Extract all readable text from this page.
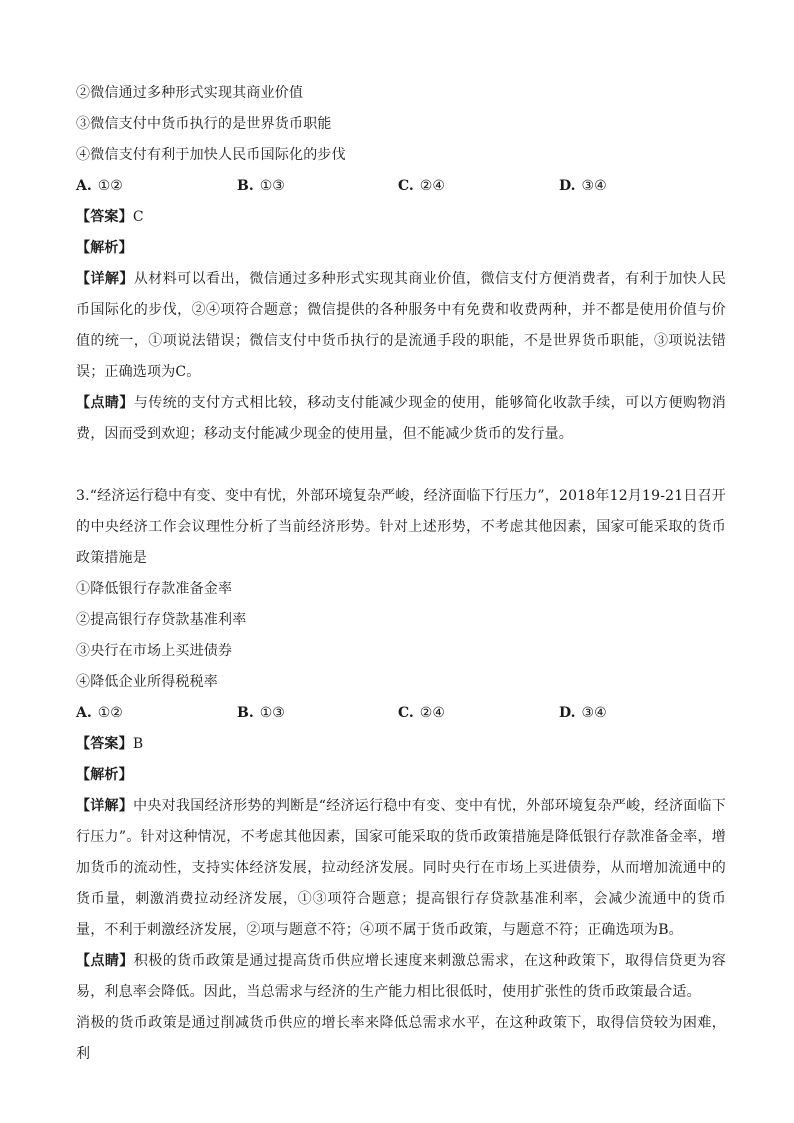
②微信通过多种形式实现其商业价值
③微信支付中货币执行的是世界货币职能
④微信支付有利于加快人民币国际化的步伐
A. ①②	B. ①③	C. ②④	D. ③④
【答案】C
【解析】
【详解】从材料可以看出，微信通过多种形式实现其商业价值，微信支付方便消费者，有利于加快人民币国际化的步伐，②④项符合题意；微信提供的各种服务中有免费和收费两种，并不都是使用价值与价值的统一，①项说法错误；微信支付中货币执行的是流通手段的职能，不是世界货币职能，③项说法错误；正确选项为C。
【点睛】与传统的支付方式相比较，移动支付能减少现金的使用，能够简化收款手续，可以方便购物消费，因而受到欢迎；移动支付能减少现金的使用量，但不能减少货币的发行量。
3.“经济运行稳中有变、变中有忧，外部环境复杂严峻，经济面临下行压力”，2018年12月19-21日召开的中央经济工作会议理性分析了当前经济形势。针对上述形势，不考虑其他因素，国家可能采取的货币政策措施是
①降低银行存款准备金率
②提高银行存贷款基准利率
③央行在市场上买进债券
④降低企业所得税税率
A. ①②	B. ①③	C. ②④	D. ③④
【答案】B
【解析】
【详解】中央对我国经济形势的判断是“经济运行稳中有变、变中有忧，外部环境复杂严峻，经济面临下行压力”。针对这种情况，不考虑其他因素，国家可能采取的货币政策措施是降低银行存款准备金率，增加货币的流动性，支持实体经济发展，拉动经济发展。同时央行在市场上买进债券，从而增加流通中的货币量，刺激消费拉动经济发展，①③项符合题意；提高银行存贷款基准利率，会减少流通中的货币量，不利于刺激经济发展，②项与题意不符；④项不属于货币政策，与题意不符；正确选项为B。
【点睛】积极的货币政策是通过提高货币供应增长速度来刺激总需求，在这种政策下，取得信贷更为容易，利息率会降低。因此，当总需求与经济的生产能力相比很低时，使用扩张性的货币政策最合适。
消极的货币政策是通过削减货币供应的增长率来降低总需求水平，在这种政策下，取得信贷较为困难，利
